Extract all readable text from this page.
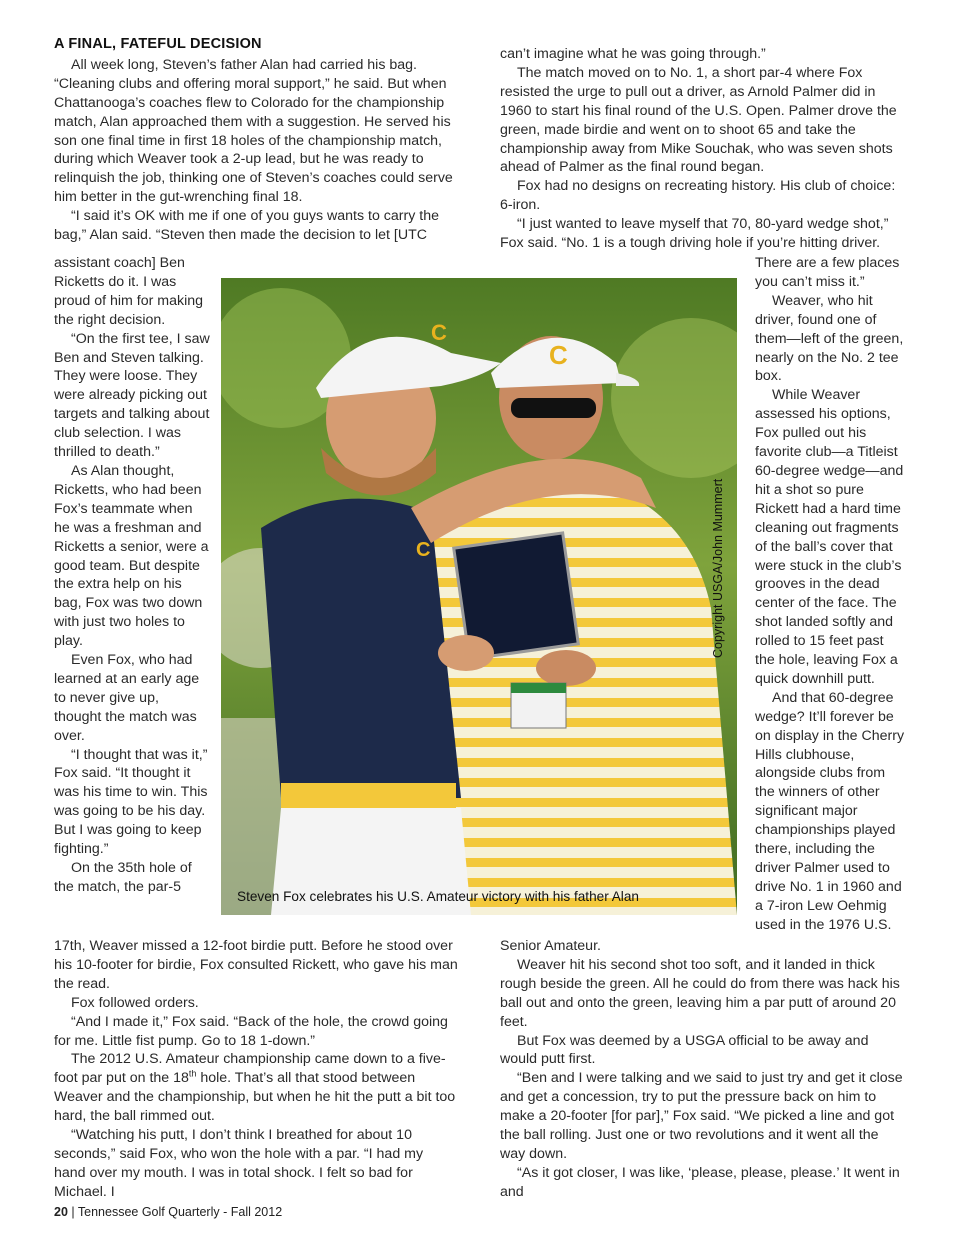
A FINAL, FATEFUL DECISION

All week long, Steven’s father Alan had carried his bag. “Cleaning clubs and offering moral support,” he said. But when Chattanooga’s coaches flew to Colorado for the championship match, Alan approached them with a suggestion. He served his son one final time in first 18 holes of the championship match, during which Weaver took a 2-up lead, but he was ready to relinquish the job, thinking one of Steven’s coaches could serve him better in the gut-wrenching final 18.

“I said it’s OK with me if one of you guys wants to carry the bag,” Alan said. “Steven then made the decision to let [UTC

assistant coach] Ben Ricketts do it. I was proud of him for making the right decision.

“On the first tee, I saw Ben and Steven talking. They were loose. They were already picking out targets and talking about club selection. I was thrilled to death.”

As Alan thought, Ricketts, who had been Fox’s teammate when he was a freshman and Ricketts a senior, were a good team. But despite the extra help on his bag, Fox was two down with just two holes to play.

Even Fox, who had learned at an early age to never give up, thought the match was over.

“I thought that was it,” Fox said. “It thought it was his time to win. This was going to be his day. But I was going to keep fighting.”

On the 35th hole of the match, the par-5

17th, Weaver missed a 12-foot birdie putt. Before he stood over his 10-footer for birdie, Fox consulted Rickett, who gave his man the read.

Fox followed orders.

“And I made it,” Fox said. “Back of the hole, the crowd going for me. Little fist pump. Go to 18 1-down.”

The 2012 U.S. Amateur championship came down to a five-foot par put on the 18th hole. That’s all that stood between Weaver and the championship, but when he hit the putt a bit too hard, the ball rimmed out.

“Watching his putt, I don’t think I breathed for about 10 seconds,” said Fox, who won the hole with a par. “I had my hand over my mouth. I was in total shock. I felt so bad for Michael. I

can’t imagine what he was going through.”

The match moved on to No. 1, a short par-4 where Fox resisted the urge to pull out a driver, as Arnold Palmer did in 1960 to start his final round of the U.S. Open. Palmer drove the green, made birdie and went on to shoot 65 and take the championship away from Mike Souchak, who was seven shots ahead of Palmer as the final round began.

Fox had no designs on recreating history. His club of choice: 6-iron.

“I just wanted to leave myself that 70, 80-yard wedge shot,” Fox said. “No. 1 is a tough driving hole if you’re hitting driver.

There are a few places you can’t miss it.”

Weaver, who hit driver, found one of them—left of the green, nearly on the No. 2 tee box.

While Weaver assessed his options, Fox pulled out his favorite club—a Titleist 60-degree wedge—and hit a shot so pure Rickett had a hard time cleaning out fragments of the ball’s cover that were stuck in the club’s grooves in the dead center of the face. The shot landed softly and rolled to 15 feet past the hole, leaving Fox a quick downhill putt.

And that 60-degree wedge? It’ll forever be on display in the Cherry Hills clubhouse, alongside clubs from the winners of other significant major championships played there, including the driver Palmer used to drive No. 1 in 1960 and a 7-iron Lew Oehmig used in the 1976 U.S.

Senior Amateur.

Weaver hit his second shot too soft, and it landed in thick rough beside the green. All he could do from there was hack his ball out and onto the green, leaving him a par putt of around 20 feet.

But Fox was deemed by a USGA official to be away and would putt first.

“Ben and I were talking and we said to just try and get it close and get a concession, try to put the pressure back on him to make a 20-footer [for par],” Fox said. “We picked a line and got the ball rolling. Just one or two revolutions and it went all the way down.

“As it got closer, I was like, ‘please, please, please.’ It went in and

C
C
C
Copyright USGA/John Mummert
Steven Fox celebrates his U.S. Amateur victory with his father Alan
20 | Tennessee Golf Quarterly - Fall 2012
